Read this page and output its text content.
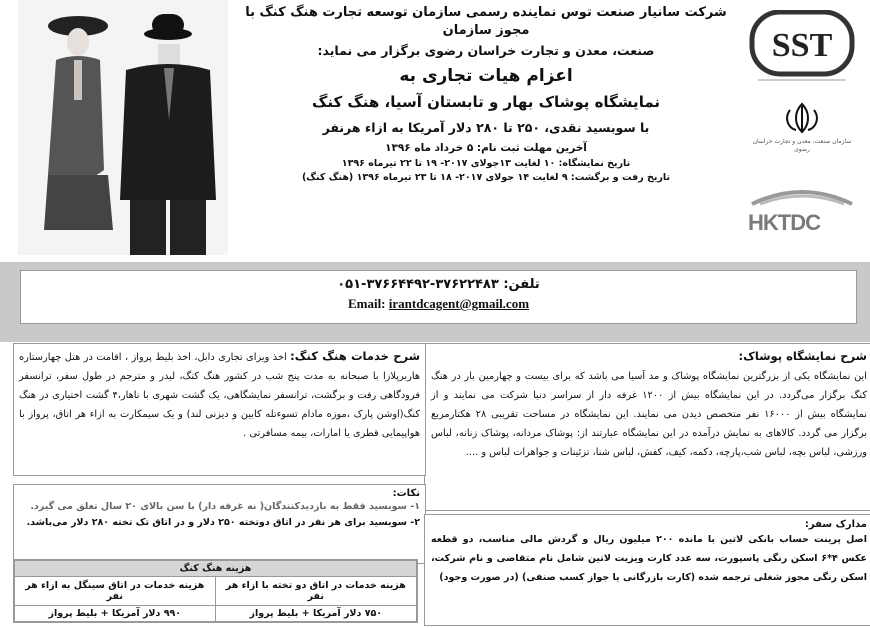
شرکت سانیار صنعت توس نماینده رسمی سازمان توسعه تجارت هنگ کنگ با مجوز سازمان
صنعت، معدن و تجارت خراسان رضوی برگزار می نماید:
اعزام هیات تجاری به
نمایشگاه پوشاک بهار و تابستان آسیا، هنگ کنگ
با سوبسید نقدی، ۲۵۰ تا ۲۸۰ دلار آمریکا به ازاء هرنفر
آخرین مهلت ثبت نام: ۵ خرداد ماه ۱۳۹۶
تاریخ نمایشگاه: ۱۰ لغایت ۱۳جولای ۲۰۱۷- ۱۹ تا ۲۲ تیرماه ۱۳۹۶
تاریخ رفت و برگشت: ۹ لغایت ۱۴ جولای ۲۰۱۷- ۱۸ تا ۲۳ تیرماه ۱۳۹۶ (هنگ کنگ)
SST
سازمان صنعت، معدن و تجارت خراسان رضوی
HKTDC
تلفن: ۳۷۶۲۲۴۸۳-۳۷۶۶۴۴۹۲-۰۵۱
Email: irantdcagent@gmail.com
شرح نمایشگاه پوشاک:
این نمایشگاه یکی از بزرگترین نمایشگاه پوشاک و مد آسیا می باشد که برای بیست و چهارمین بار در هنگ کنگ برگزار می‌گردد. در این نمایشگاه بیش از ۱۲۰۰ غرفه دار از سراسر دنیا شرکت می نمایند و از نمایشگاه بیش از ۱۶۰۰۰ نفر متخصص دیدن می نمایند. این نمایشگاه در مساحت تقریبی ۲۸ هکتارمربع برگزار می گردد. کالاهای به نمایش درآمده در این نمایشگاه عبارتند از: پوشاک مردانه، پوشاک زنانه، لباس ورزشی، لباس بچه، لباس شب،پارچه، دکمه، کیف، کفش، لباس شنا، تزئینات و جواهرات لباس و ....
شرح خدمات هنگ کنگ: اخذ ویزای تجاری دابل، اخذ بلیط پرواز ، اقامت در هتل چهارستاره هاربرپلازا با صبحانه به مدت پنج شب در کشور هنگ کنگ، لیدر و مترجم در طول سفر، ترانسفر فرودگاهی رفت و برگشت، ترانسفر نمایشگاهی، یک گشت شهری با ناهار،۴ گشت اختیاری در هنگ کنگ(اوشن پارک ،موزه مادام تسوءتله کابین و دیزنی لند) و یک سیمکارت به ازاء هر اتاق، پرواز با هواپیمایی قطری یا امارات، بیمه مسافرتی .
نکات:
۱- سوبسید فقط به بازدیدکنندگان( نه غرفه دار) با سن بالای ۲۰ سال تعلق می گیرد.
۲- سوبسید برای هر نفر در اتاق دوتخته ۲۵۰ دلار و در اتاق تک تخته ۲۸۰ دلار می‌باشد.
هزینه هنگ کنگ	
هزینه خدمات در اتاق دو تخته با ازاء هر نفر	هزینه خدمات در اتاق سینگل به ازاء هر نفر
۷۵۰ دلار آمریکا + بلیط پرواز	۹۹۰ دلار آمریکا + بلیط پرواز
مدارک سفر:
اصل پرینت حساب بانکی لاتین با مانده ۲۰۰ میلیون ریال و گردش مالی مناسب، دو قطعه عکس ۴*۶ اسکن رنگی پاسپورت، سه عدد کارت ویزیت لاتین شامل نام متقاضی و نام شرکت، اسکن رنگی مجوز شغلی ترجمه شده (کارت بازرگانی یا جواز کسب صنفی) (در صورت وجود)
